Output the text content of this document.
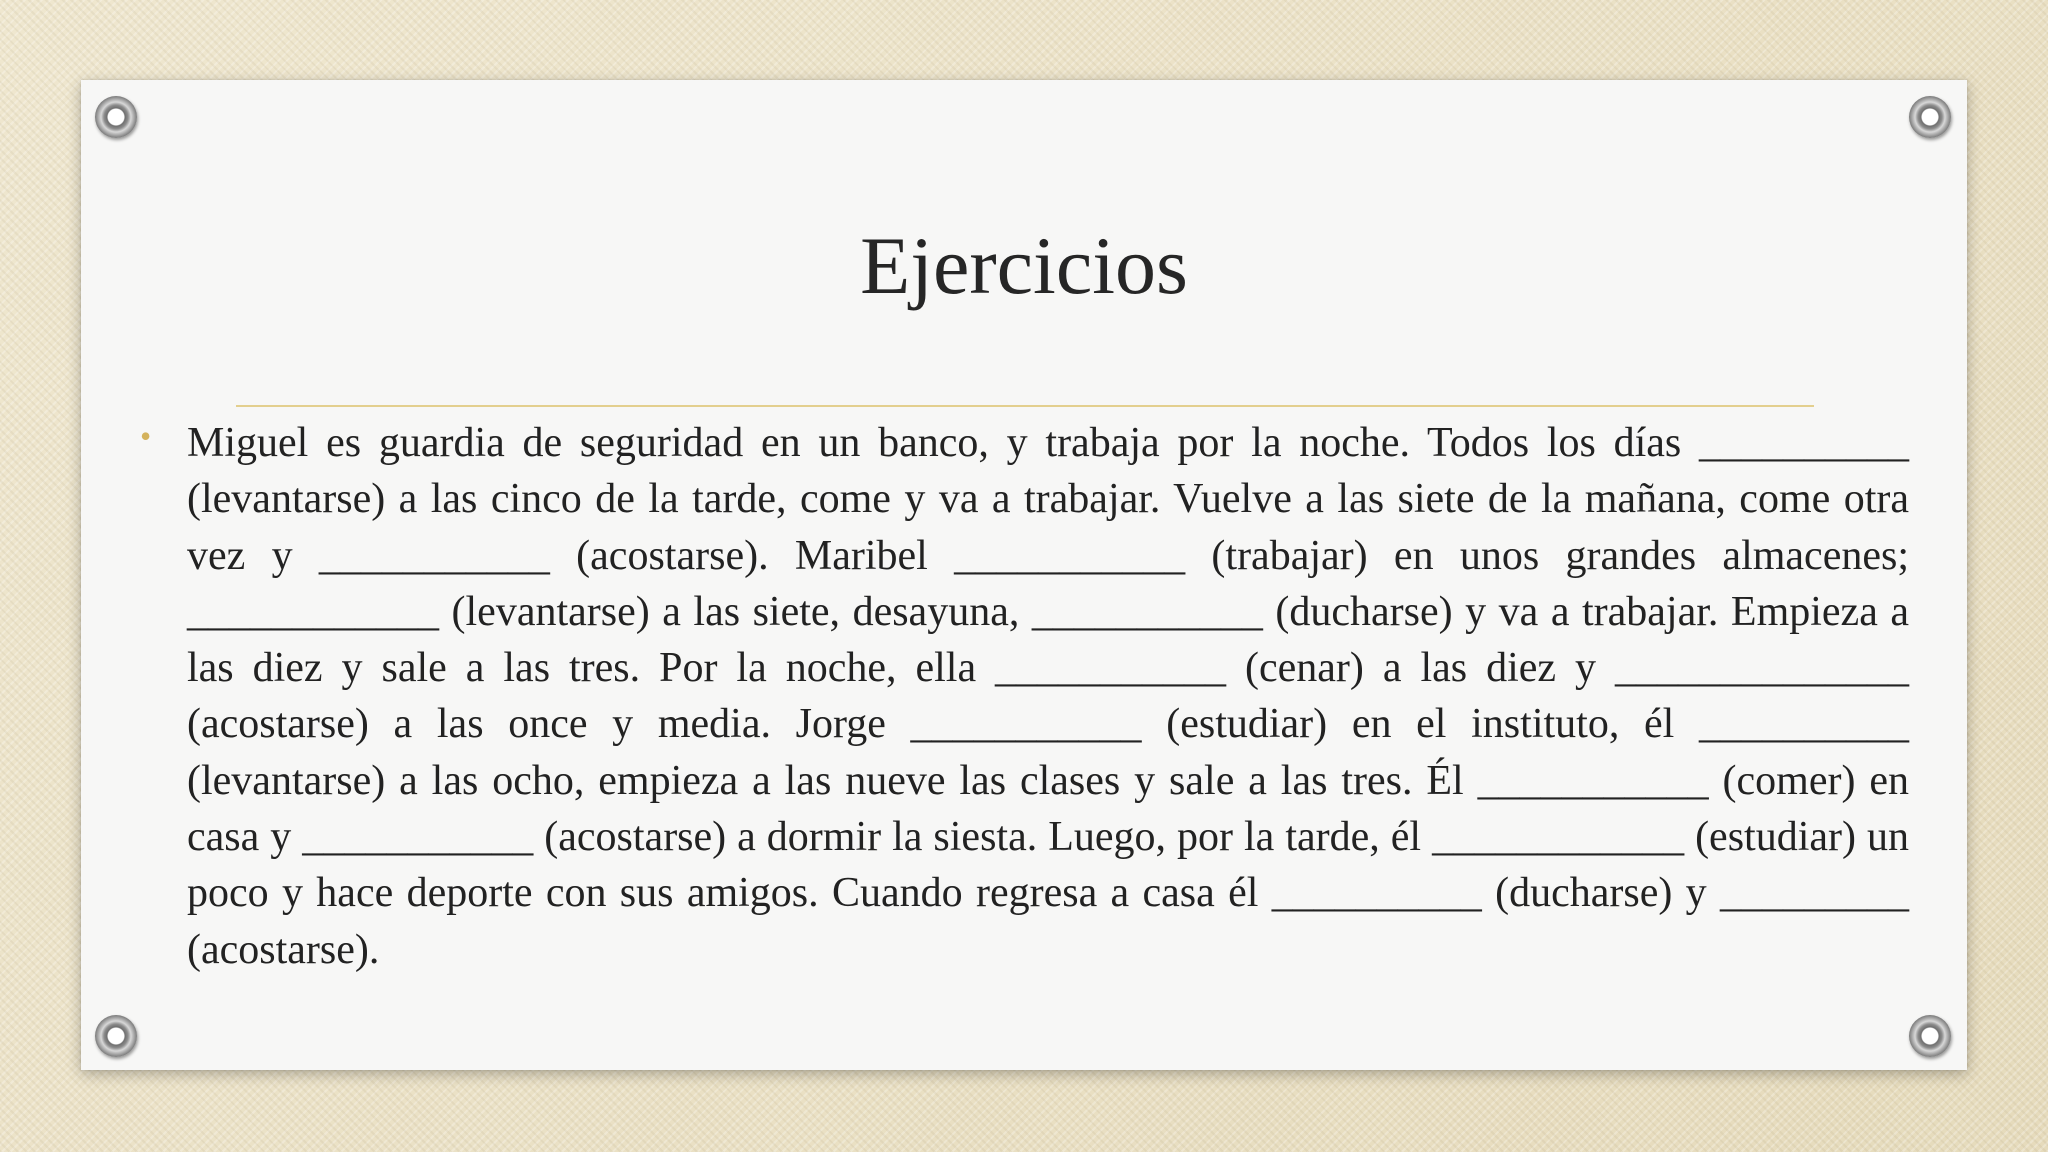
Ejercicios
• Miguel es guardia de seguridad en un banco, y trabaja por la noche. Todos los días __________ (levantarse) a las cinco de la tarde, come y va a trabajar. Vuelve a las siete de la mañana, come otra vez y ___________ (acostarse). Maribel ___________ (trabajar) en unos grandes almacenes; ____________ (levantarse) a las siete, desayuna, ___________ (ducharse) y va a trabajar. Empieza a las diez y sale a las tres. Por la noche, ella ___________ (cenar) a las diez y ______________ (acostarse) a las once y media. Jorge ___________ (estudiar) en el instituto, él __________ (levantarse) a las ocho, empieza a las nueve las clases y sale a las tres. Él ___________ (comer) en casa y ___________ (acostarse) a dormir la siesta. Luego, por la tarde, él ____________ (estudiar) un poco y hace deporte con sus amigos. Cuando regresa a casa él __________ (ducharse) y _________ (acostarse).
